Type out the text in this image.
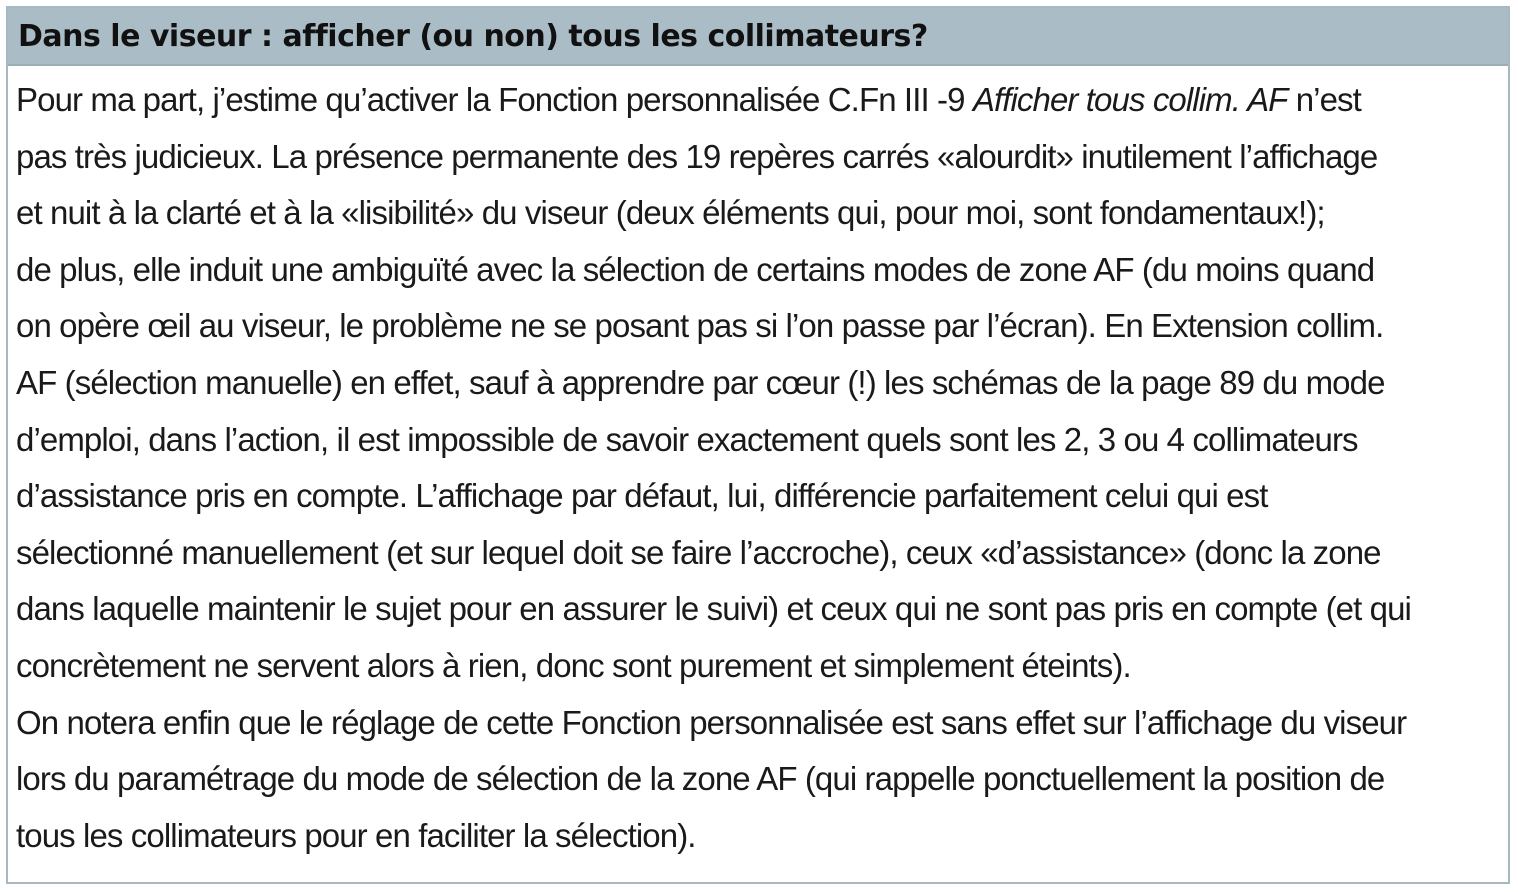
Dans le viseur : afficher (ou non) tous les collimateurs?
Pour ma part, j’estime qu’activer la Fonction personnalisée C.Fn III -9 Afficher tous collim. AF n’est
pas très judicieux. La présence permanente des 19 repères carrés «alourdit» inutilement l’affichage
et nuit à la clarté et à la «lisibilité» du viseur (deux éléments qui, pour moi, sont fondamentaux!);
de plus, elle induit une ambiguïté avec la sélection de certains modes de zone AF (du moins quand
on opère œil au viseur, le problème ne se posant pas si l’on passe par l’écran). En Extension collim.
AF (sélection manuelle) en effet, sauf à apprendre par cœur (!) les schémas de la page 89 du mode
d’emploi, dans l’action, il est impossible de savoir exactement quels sont les 2, 3 ou 4 collimateurs
d’assistance pris en compte. L’affichage par défaut, lui, différencie parfaitement celui qui est
sélectionné manuellement (et sur lequel doit se faire l’accroche), ceux «d’assistance» (donc la zone
dans laquelle maintenir le sujet pour en assurer le suivi) et ceux qui ne sont pas pris en compte (et qui
concrètement ne servent alors à rien, donc sont purement et simplement éteints).
On notera enfin que le réglage de cette Fonction personnalisée est sans effet sur l’affichage du viseur
lors du paramétrage du mode de sélection de la zone AF (qui rappelle ponctuellement la position de
tous les collimateurs pour en faciliter la sélection).
